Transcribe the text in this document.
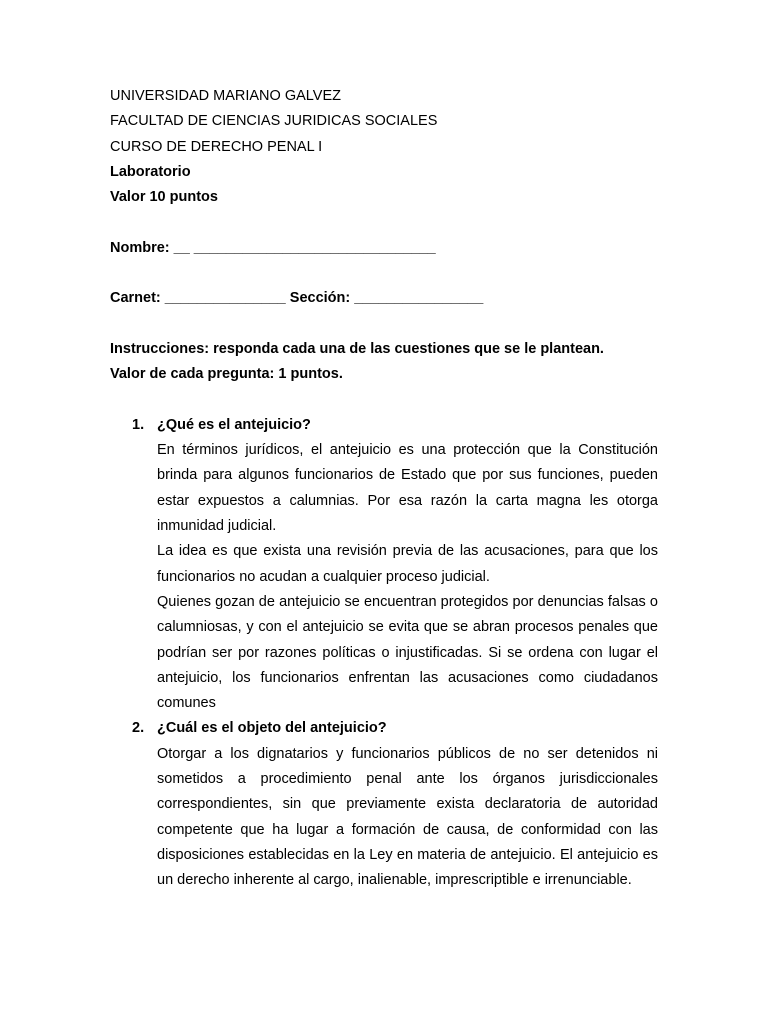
UNIVERSIDAD MARIANO GALVEZ
FACULTAD DE CIENCIAS JURIDICAS SOCIALES
CURSO DE DERECHO PENAL I
Laboratorio
Valor 10 puntos
Nombre: __ ______________________________
Carnet: _______________ Sección: ________________
Instrucciones: responda cada una de las cuestiones que se le plantean.
Valor de cada pregunta: 1 puntos.
1. ¿Qué es el antejuicio?

En términos jurídicos, el antejuicio es una protección que la Constitución brinda para algunos funcionarios de Estado que por sus funciones, pueden estar expuestos a calumnias. Por esa razón la carta magna les otorga inmunidad judicial.

La idea es que exista una revisión previa de las acusaciones, para que los funcionarios no acudan a cualquier proceso judicial.

Quienes gozan de antejuicio se encuentran protegidos por denuncias falsas o calumniosas, y con el antejuicio se evita que se abran procesos penales que podrían ser por razones políticas o injustificadas. Si se ordena con lugar el antejuicio, los funcionarios enfrentan las acusaciones como ciudadanos comunes

2. ¿Cuál es el objeto del antejuicio?

Otorgar a los dignatarios y funcionarios públicos de no ser detenidos ni sometidos a procedimiento penal ante los órganos jurisdiccionales correspondientes, sin que previamente exista declaratoria de autoridad competente que ha lugar a formación de causa, de conformidad con las disposiciones establecidas en la Ley en materia de antejuicio. El antejuicio es un derecho inherente al cargo, inalienable, imprescriptible e irrenunciable.
